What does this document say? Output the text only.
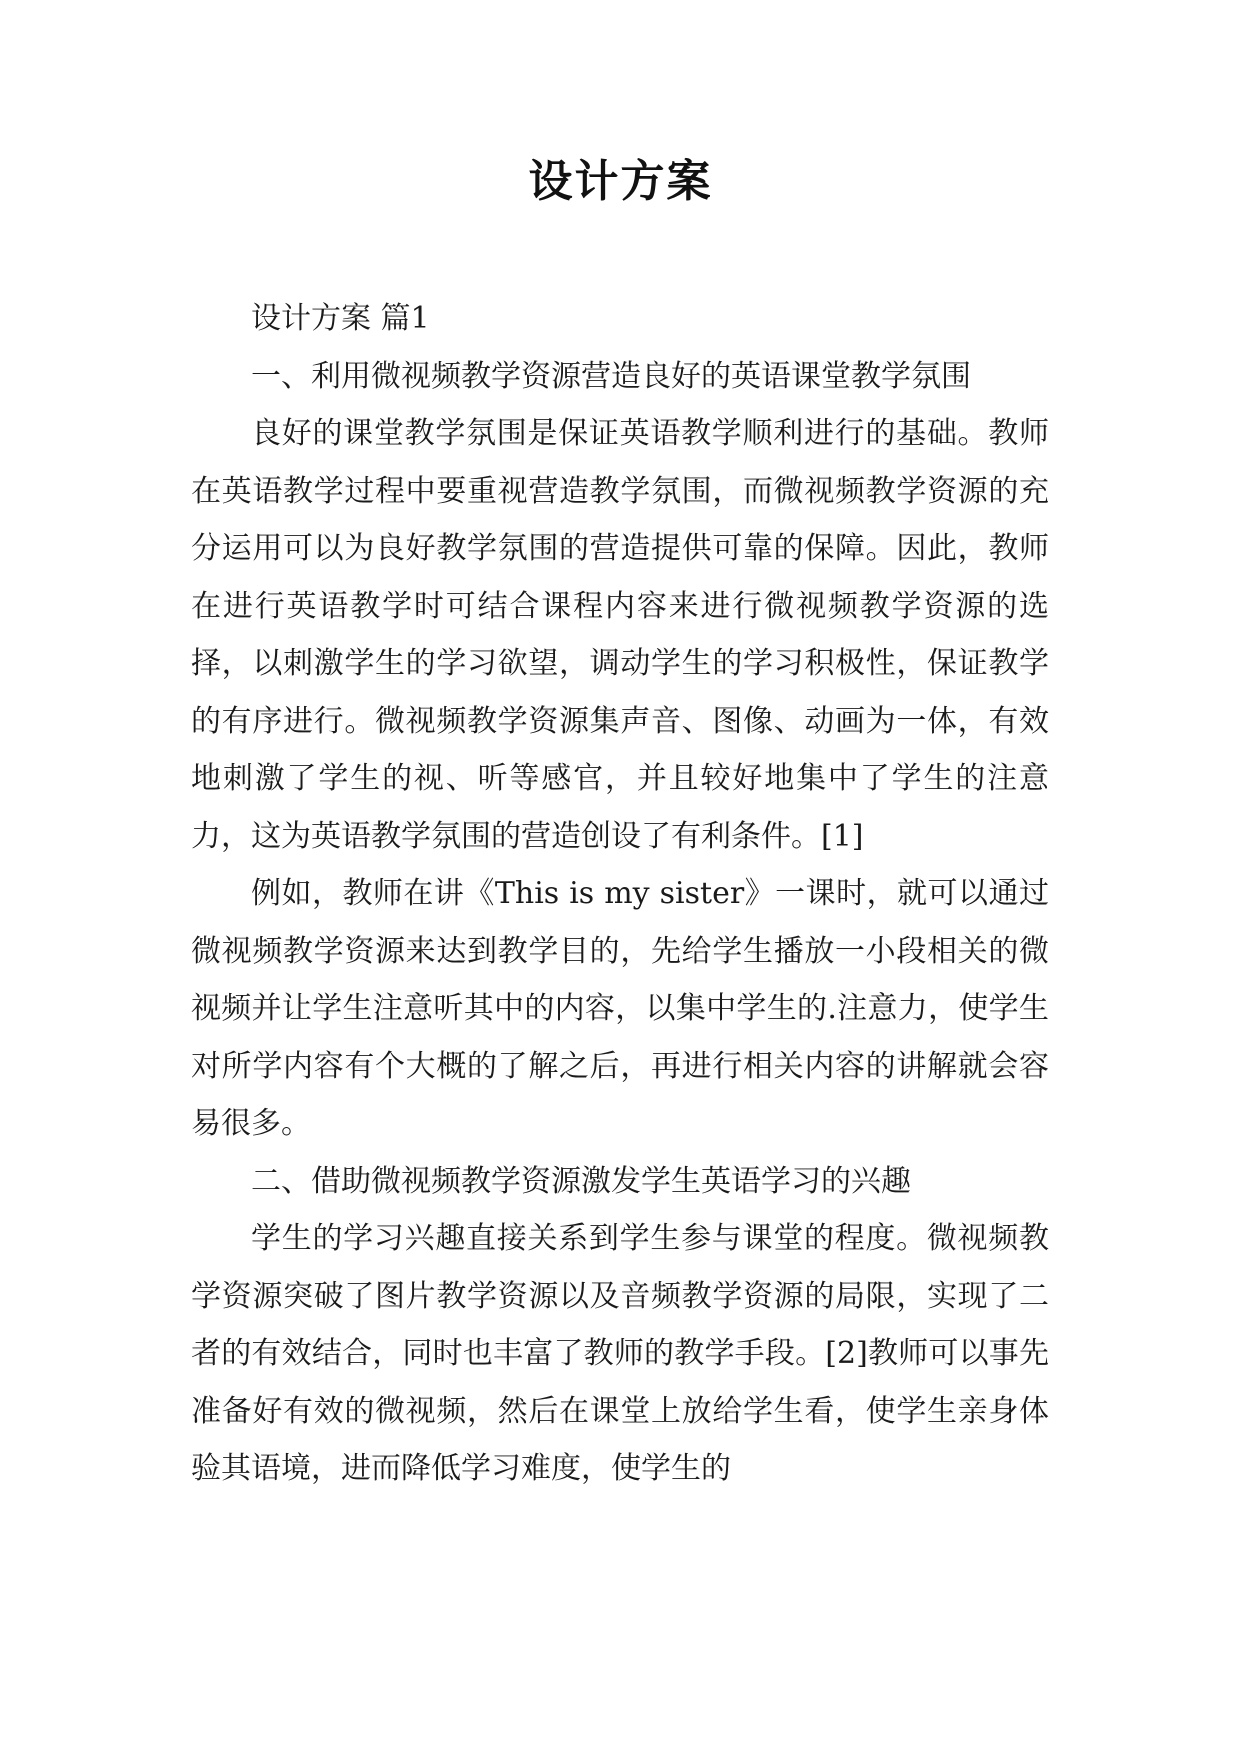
设计方案

设计方案 篇1

一、利用微视频教学资源营造良好的英语课堂教学氛围

良好的课堂教学氛围是保证英语教学顺利进行的基础。教师在英语教学过程中要重视营造教学氛围，而微视频教学资源的充分运用可以为良好教学氛围的营造提供可靠的保障。因此，教师在进行英语教学时可结合课程内容来进行微视频教学资源的选择，以刺激学生的学习欲望，调动学生的学习积极性，保证教学的有序进行。微视频教学资源集声音、图像、动画为一体，有效地刺激了学生的视、听等感官，并且较好地集中了学生的注意力，这为英语教学氛围的营造创设了有利条件。[1]

例如，教师在讲《This is my sister》一课时，就可以通过微视频教学资源来达到教学目的，先给学生播放一小段相关的微视频并让学生注意听其中的内容，以集中学生的.注意力，使学生对所学内容有个大概的了解之后，再进行相关内容的讲解就会容易很多。

二、借助微视频教学资源激发学生英语学习的兴趣

学生的学习兴趣直接关系到学生参与课堂的程度。微视频教学资源突破了图片教学资源以及音频教学资源的局限，实现了二者的有效结合，同时也丰富了教师的教学手段。[2]教师可以事先准备好有效的微视频，然后在课堂上放给学生看，使学生亲身体验其语境，进而降低学习难度，使学生的
